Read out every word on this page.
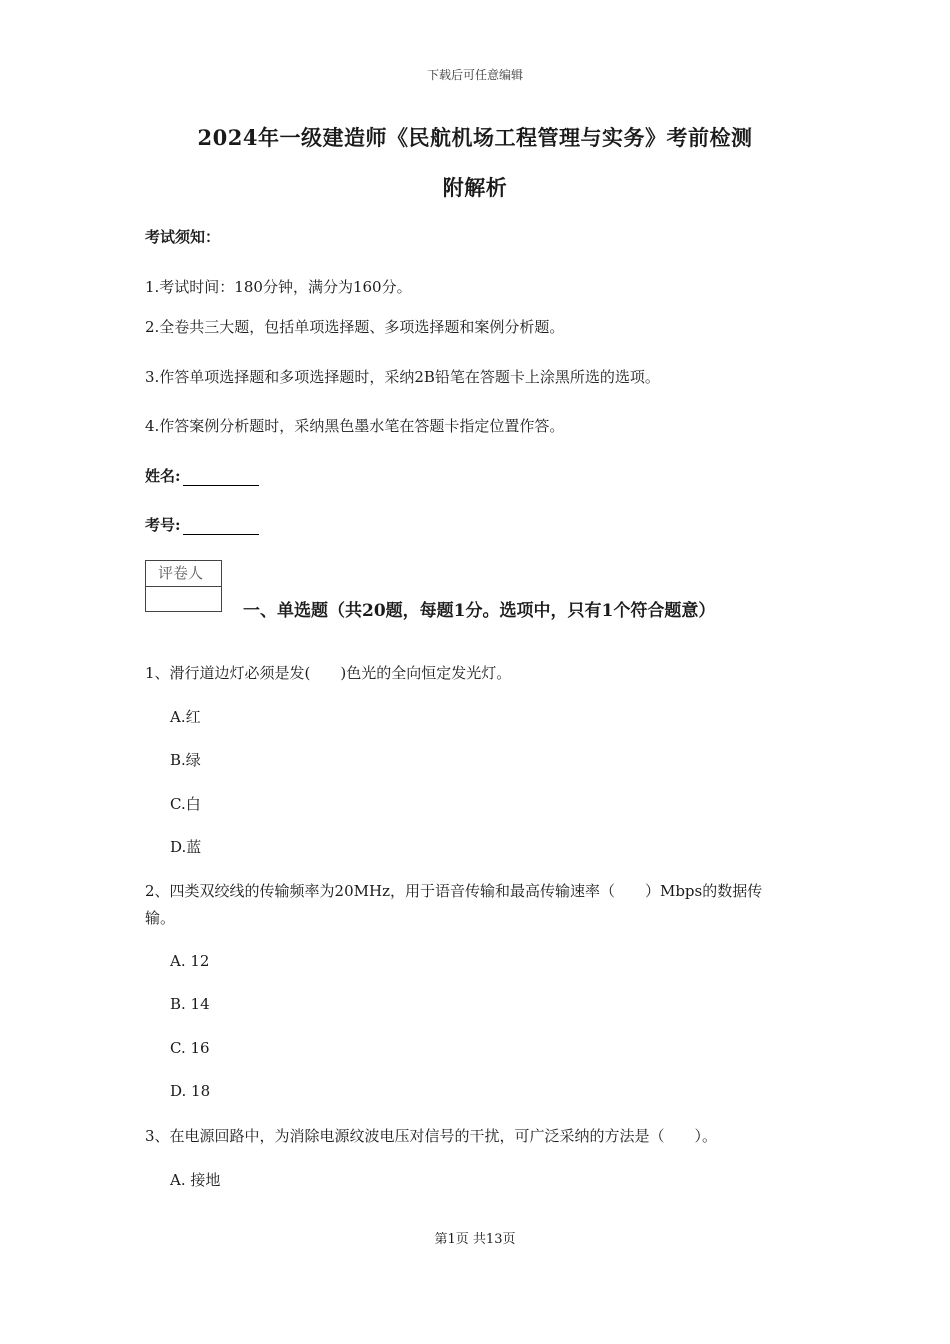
下载后可任意编辑
2024年一级建造师《民航机场工程管理与实务》考前检测
附解析
考试须知：
1.考试时间：180分钟，满分为160分。
2.全卷共三大题，包括单项选择题、多项选择题和案例分析题。
3.作答单项选择题和多项选择题时，采纳2B铅笔在答题卡上涂黑所选的选项。
4.作答案例分析题时，采纳黑色墨水笔在答题卡指定位置作答。
姓名:
考号:
评卷人
一、单选题（共20题，每题1分。选项中，只有1个符合题意）
1、滑行道边灯必须是发(　　)色光的全向恒定发光灯。
A.红
B.绿
C.白
D.蓝
2、四类双绞线的传输频率为20MHz，用于语音传输和最高传输速率（　　）Mbps的数据传
输。
A. 12
B. 14
C. 16
D. 18
3、在电源回路中，为消除电源纹波电压对信号的干扰，可广泛采纳的方法是（　　）。
A. 接地
第1页 共13页
